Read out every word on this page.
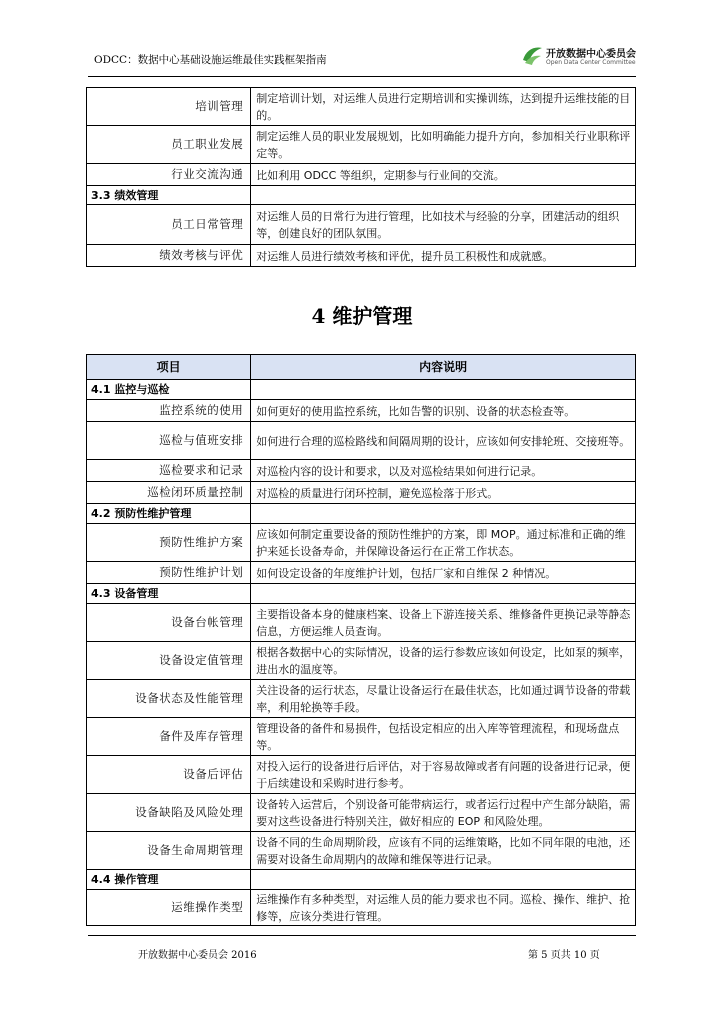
ODCC：数据中心基础设施运维最佳实践框架指南	开放数据中心委员会
Open Data Center Committee
培训管理	制定培训计划，对运维人员进行定期培训和实操训练，达到提升运维技能的目的。
员工职业发展	制定运维人员的职业发展规划，比如明确能力提升方向，参加相关行业职称评定等。
行业交流沟通	比如利用 ODCC 等组织，定期参与行业间的交流。
3.3 绩效管理	
员工日常管理	对运维人员的日常行为进行管理，比如技术与经验的分享，团建活动的组织等，创建良好的团队氛围。
绩效考核与评优	对运维人员进行绩效考核和评优，提升员工积极性和成就感。
4 维护管理
项目	内容说明
4.1 监控与巡检	
监控系统的使用	如何更好的使用监控系统，比如告警的识别、设备的状态检查等。
巡检与值班安排	如何进行合理的巡检路线和间隔周期的设计，应该如何安排轮班、交接班等。
巡检要求和记录	对巡检内容的设计和要求，以及对巡检结果如何进行记录。
巡检闭环质量控制	对巡检的质量进行闭环控制，避免巡检落于形式。
4.2 预防性维护管理	
预防性维护方案	应该如何制定重要设备的预防性维护的方案，即 MOP。通过标准和正确的维护来延长设备寿命，并保障设备运行在正常工作状态。
预防性维护计划	如何设定设备的年度维护计划，包括厂家和自维保 2 种情况。
4.3 设备管理	
设备台帐管理	主要指设备本身的健康档案、设备上下游连接关系、维修备件更换记录等静态信息，方便运维人员查询。
设备设定值管理	根据各数据中心的实际情况，设备的运行参数应该如何设定，比如泵的频率，进出水的温度等。
设备状态及性能管理	关注设备的运行状态，尽量让设备运行在最佳状态，比如通过调节设备的带载率，利用轮换等手段。
备件及库存管理	管理设备的备件和易损件，包括设定相应的出入库等管理流程，和现场盘点等。
设备后评估	对投入运行的设备进行后评估，对于容易故障或者有问题的设备进行记录，便于后续建设和采购时进行参考。
设备缺陷及风险处理	设备转入运营后，个别设备可能带病运行，或者运行过程中产生部分缺陷，需要对这些设备进行特别关注，做好相应的 EOP 和风险处理。
设备生命周期管理	设备不同的生命周期阶段，应该有不同的运维策略，比如不同年限的电池，还需要对设备生命周期内的故障和维保等进行记录。
4.4 操作管理	
运维操作类型	运维操作有多种类型，对运维人员的能力要求也不同。巡检、操作、维护、抢修等，应该分类进行管理。
开放数据中心委员会 2016	第 5 页共 10 页
